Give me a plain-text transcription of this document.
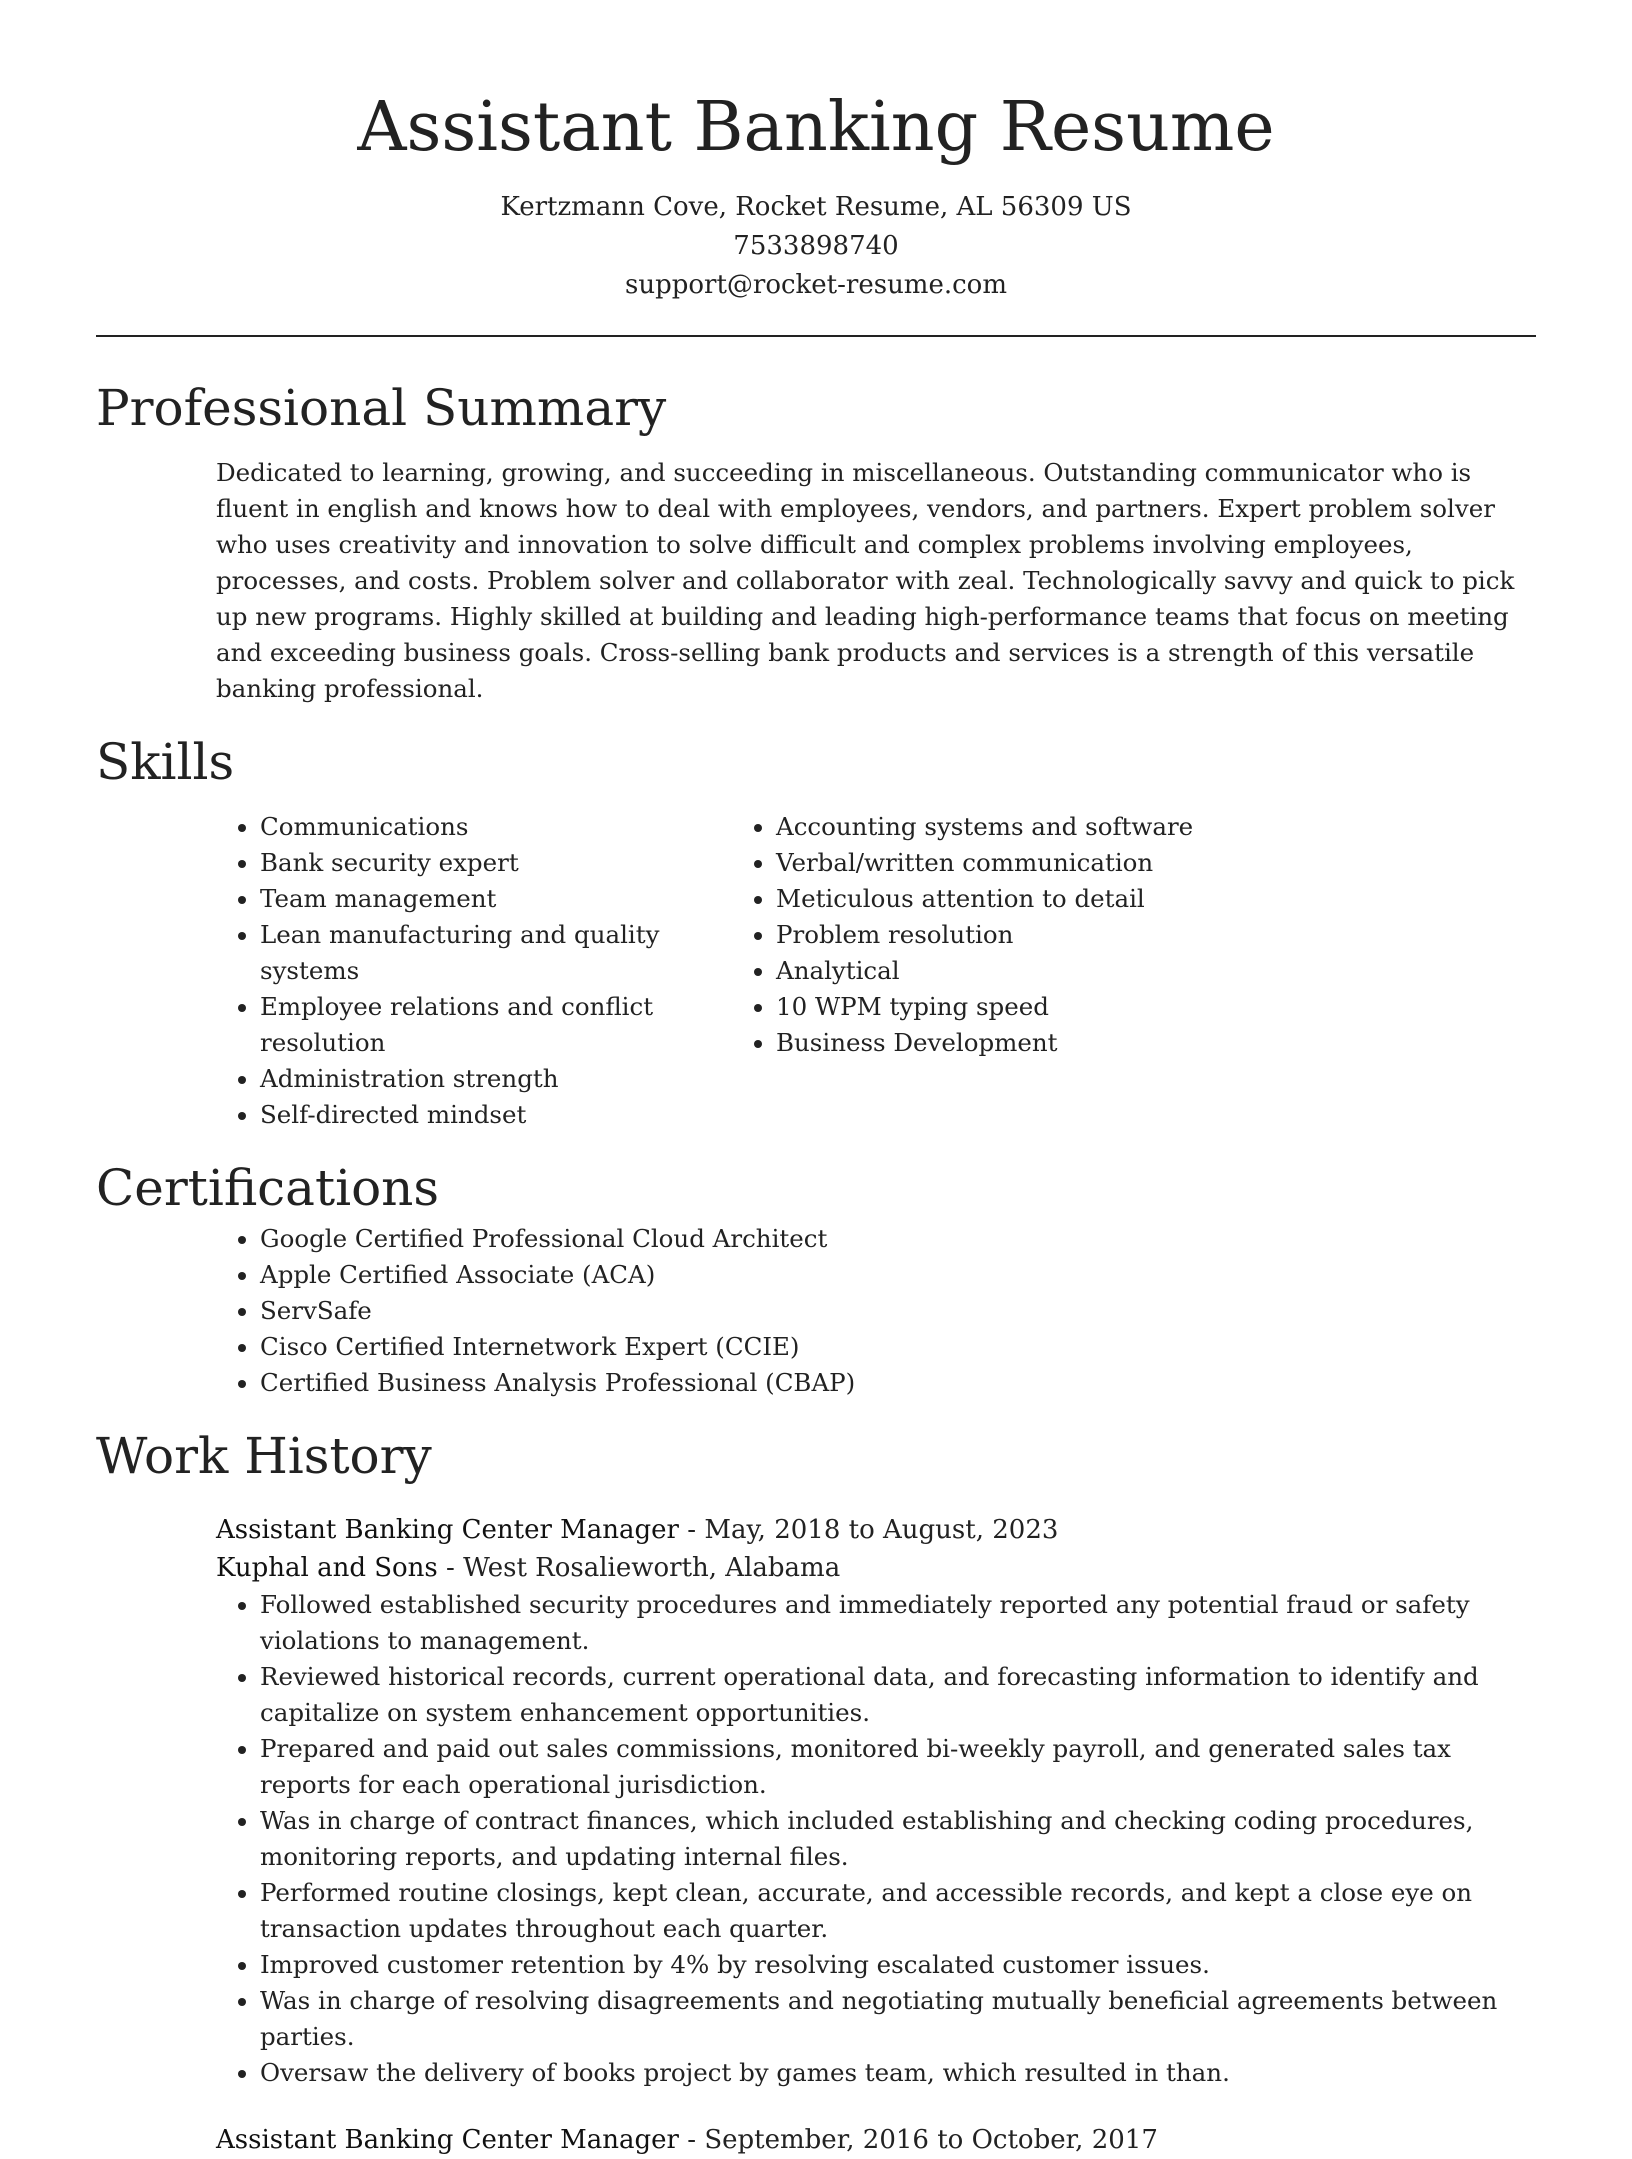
Assistant Banking Resume

Kertzmann Cove, Rocket Resume, AL 56309 US

7533898740

support@rocket-resume.com

Professional Summary

Dedicated to learning, growing, and succeeding in miscellaneous. Outstanding communicator who is fluent in english and knows how to deal with employees, vendors, and partners. Expert problem solver who uses creativity and innovation to solve difficult and complex problems involving employees, processes, and costs. Problem solver and collaborator with zeal. Technologically savvy and quick to pick up new programs. Highly skilled at building and leading high-performance teams that focus on meeting and exceeding business goals. Cross-selling bank products and services is a strength of this versatile banking professional.

Skills
• Communications
• Bank security expert
• Team management
• Lean manufacturing and quality systems
• Employee relations and conflict resolution
• Administration strength
• Self-directed mindset
• Accounting systems and software
• Verbal/written communication
• Meticulous attention to detail
• Problem resolution
• Analytical
• 10 WPM typing speed
• Business Development
Certifications
• Google Certified Professional Cloud Architect
• Apple Certified Associate (ACA)
• ServSafe
• Cisco Certified Internetwork Expert (CCIE)
• Certified Business Analysis Professional (CBAP)
Work History

Assistant Banking Center Manager - May, 2018 to August, 2023

Kuphal and Sons - West Rosalieworth, Alabama

• Followed established security procedures and immediately reported any potential fraud or safety violations to management.
• Reviewed historical records, current operational data, and forecasting information to identify and capitalize on system enhancement opportunities.
• Prepared and paid out sales commissions, monitored bi-weekly payroll, and generated sales tax reports for each operational jurisdiction.
• Was in charge of contract finances, which included establishing and checking coding procedures, monitoring reports, and updating internal files.
• Performed routine closings, kept clean, accurate, and accessible records, and kept a close eye on transaction updates throughout each quarter.
• Improved customer retention by 4% by resolving escalated customer issues.
• Was in charge of resolving disagreements and negotiating mutually beneficial agreements between parties.
• Oversaw the delivery of books project by games team, which resulted in than.

Assistant Banking Center Manager - September, 2016 to October, 2017
